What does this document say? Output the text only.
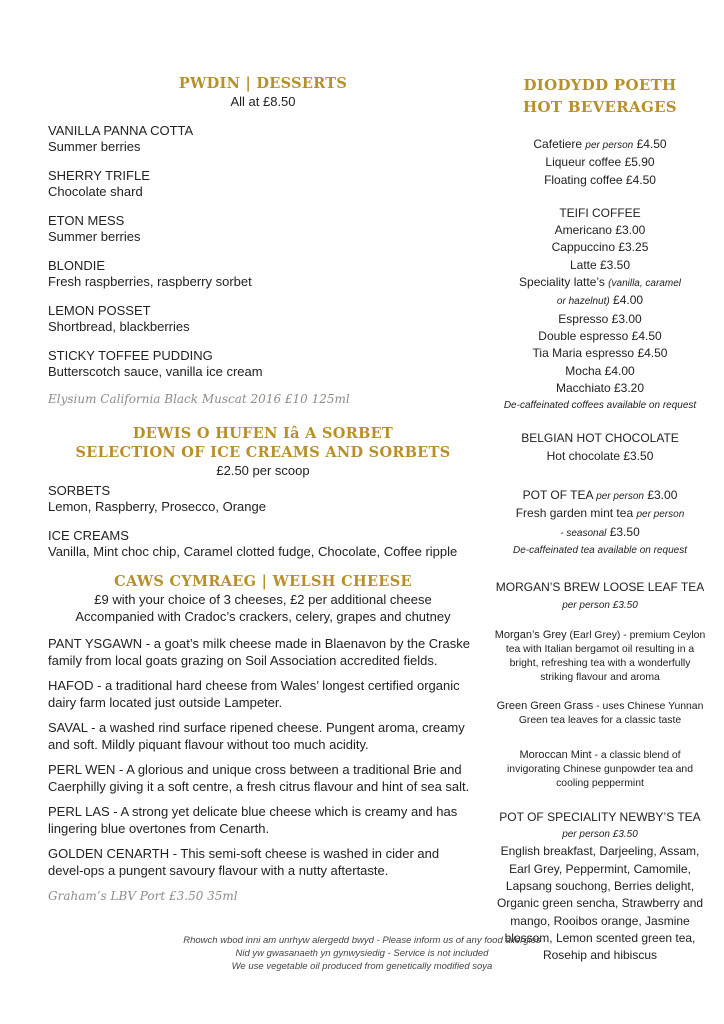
PWDIN | DESSERTS
All at £8.50
VANILLA PANNA COTTA
Summer berries
SHERRY TRIFLE
Chocolate shard
ETON MESS
Summer berries
BLONDIE
Fresh raspberries, raspberry sorbet
LEMON POSSET
Shortbread, blackberries
STICKY TOFFEE PUDDING
Butterscotch sauce, vanilla ice cream
Elysium California Black Muscat 2016 £10 125ml
DEWIS O HUFEN Iâ A SORBET
SELECTION OF ICE CREAMS AND SORBETS
£2.50 per scoop
SORBETS
Lemon, Raspberry, Prosecco, Orange
ICE CREAMS
Vanilla, Mint choc chip, Caramel clotted fudge, Chocolate, Coffee ripple
CAWS CYMRAEG | WELSH CHEESE
£9 with your choice of 3 cheeses, £2 per additional cheese
Accompanied with Cradoc’s crackers, celery, grapes and chutney
PANT YSGAWN - a goat’s milk cheese made in Blaenavon by the Craske family from local goats grazing on Soil Association accredited fields.
HAFOD - a traditional hard cheese from Wales’ longest certified organic dairy farm located just outside Lampeter.
SAVAL - a washed rind surface ripened cheese. Pungent aroma, creamy and soft. Mildly piquant flavour without too much acidity.
PERL WEN - A glorious and unique cross between a traditional Brie and Caerphilly giving it a soft centre, a fresh citrus flavour and hint of sea salt.
PERL LAS - A strong yet delicate blue cheese which is creamy and has lingering blue overtones from Cenarth.
GOLDEN CENARTH - This semi-soft cheese is washed in cider and devel-ops a pungent savoury flavour with a nutty aftertaste.
Graham’s LBV Port £3.50 35ml
DIODYDD POETH
HOT BEVERAGES
Cafetiere per person £4.50
Liqueur coffee £5.90
Floating coffee £4.50
TEIFI COFFEE
Americano £3.00
Cappuccino £3.25
Latte £3.50
Speciality latte’s (vanilla, caramel
or hazelnut) £4.00
Espresso £3.00
Double espresso £4.50
Tia Maria espresso £4.50
Mocha £4.00
Macchiato £3.20
De-caffeinated coffees available on request
BELGIAN HOT CHOCOLATE
Hot chocolate £3.50
POT OF TEA per person £3.00
Fresh garden mint tea per person
- seasonal £3.50
De-caffeinated tea available on request
MORGAN’S BREW LOOSE LEAF TEA
per person £3.50
Morgan’s Grey (Earl Grey) - premium Ceylon tea with Italian bergamot oil resulting in a bright, refreshing tea with a wonderfully striking flavour and aroma
Green Green Grass - uses Chinese Yunnan Green tea leaves for a classic taste
Moroccan Mint - a classic blend of invigorating Chinese gunpowder tea and cooling peppermint
POT OF SPECIALITY NEWBY’S TEA
per person £3.50
English breakfast, Darjeeling, Assam, Earl Grey, Peppermint, Camomile, Lapsang souchong, Berries delight, Organic green sencha, Strawberry and mango, Rooibos orange, Jasmine blossom, Lemon scented green tea, Rosehip and hibiscus
Rhowch wbod inni am unrhyw alergedd bwyd - Please inform us of any food allergies
Nid yw gwasanaeth yn gynwysiedig - Service is not included
We use vegetable oil produced from genetically modified soya
